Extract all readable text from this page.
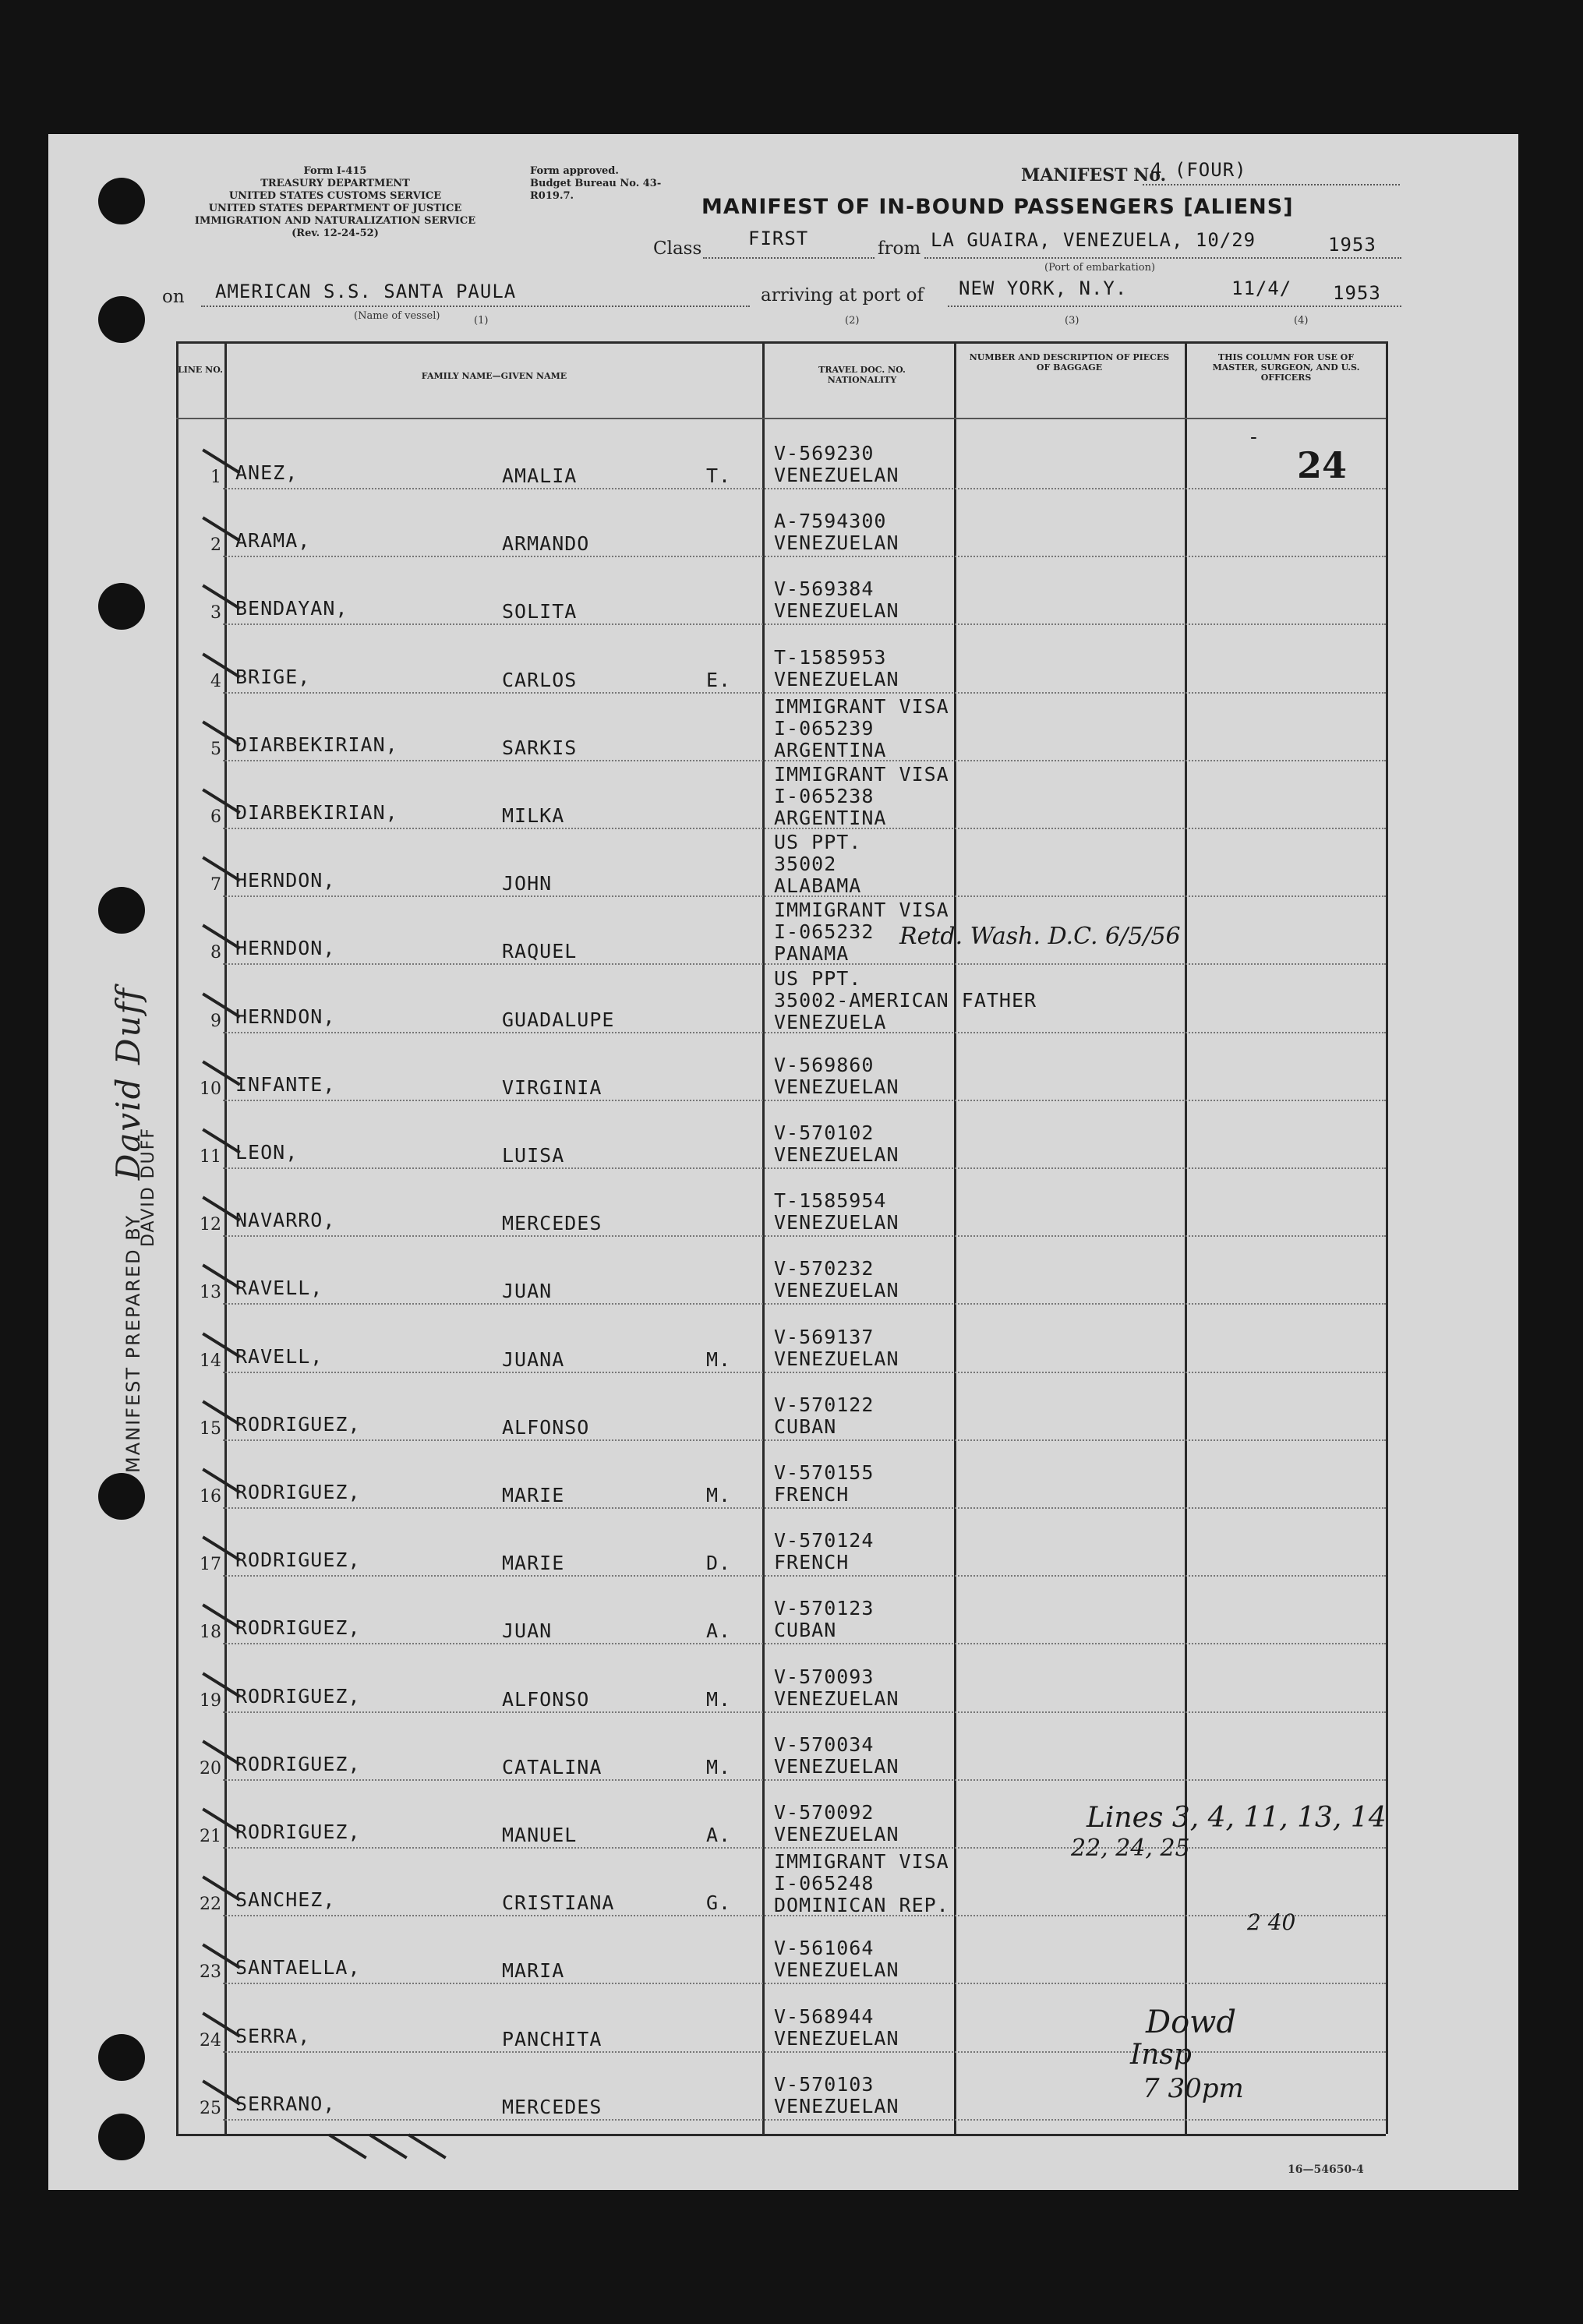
Form I-415
TREASURY DEPARTMENT
UNITED STATES CUSTOMS SERVICE
UNITED STATES DEPARTMENT OF JUSTICE
IMMIGRATION AND NATURALIZATION SERVICE
(Rev. 12-24-52)
Form approved.
Budget Bureau No. 43-R019.7.
MANIFEST No.
4 (FOUR)
MANIFEST OF IN-BOUND PASSENGERS [ALIENS]
Class FIRST	from LA GUAIRA, VENEZUELA, 10/29	1953
(Port of embarkation)
on AMERICAN S.S. SANTA PAULA
(Name of vessel)	(1)
arriving at port of NEW YORK, N.Y.	11/4/ 1953
(2)	(3)	(4)
LINE NO.
FAMILY NAME—GIVEN NAME
TRAVEL DOC. NO. NATIONALITY
NUMBER AND DESCRIPTION OF PIECES OF BAGGAGE
THIS COLUMN FOR USE OF MASTER, SURGEON, AND U.S. OFFICERS
1 ANEZ,	AMALIA	T.
V-569230
VENEZUELAN
2 ARAMA,	ARMANDO
A-7594300
VENEZUELAN
3 BENDAYAN,	SOLITA
V-569384
VENEZUELAN
4 BRIGE,	CARLOS	E.
T-1585953
VENEZUELAN
5 DIARBEKIRIAN,	SARKIS
IMMIGRANT VISA
I-065239
ARGENTINA
6 DIARBEKIRIAN,	MILKA
IMMIGRANT VISA
I-065238
ARGENTINA
7 HERNDON,	JOHN
US PPT.
35002
ALABAMA
8 HERNDON,	RAQUEL
IMMIGRANT VISA
I-065232
PANAMA
9 HERNDON,	GUADALUPE
US PPT.
35002-AMERICAN FATHER
VENEZUELA
10 INFANTE,	VIRGINIA
V-569860
VENEZUELAN
11 LEON,	LUISA
V-570102
VENEZUELAN
12 NAVARRO,	MERCEDES
T-1585954
VENEZUELAN
13 RAVELL,	JUAN
V-570232
VENEZUELAN
14 RAVELL,	JUANA	M.
V-569137
VENEZUELAN
15 RODRIGUEZ,	ALFONSO
V-570122
CUBAN
16 RODRIGUEZ,	MARIE	M.
V-570155
FRENCH
17 RODRIGUEZ,	MARIE	D.
V-570124
FRENCH
18 RODRIGUEZ,	JUAN	A.
V-570123
CUBAN
19 RODRIGUEZ,	ALFONSO	M.
V-570093
VENEZUELAN
20 RODRIGUEZ,	CATALINA	M.
V-570034
VENEZUELAN
21 RODRIGUEZ,	MANUEL	A.
V-570092
VENEZUELAN
22 SANCHEZ,	CRISTIANA	G.
IMMIGRANT VISA
I-065248
DOMINICAN REP.
23 SANTAELLA,	MARIA
V-561064
VENEZUELAN
24 SERRA,	PANCHITA
V-568944
VENEZUELAN
25 SERRANO,	MERCEDES
V-570103
VENEZUELAN
-
24
Retd. Wash. D.C. 6/5/56
Lines 3, 4, 11, 13, 14
22, 24, 25
2 40
Dowd
Insp
7 30pm
MANIFEST PREPARED BY David Duff
DAVID DUFF
16—54650-4
